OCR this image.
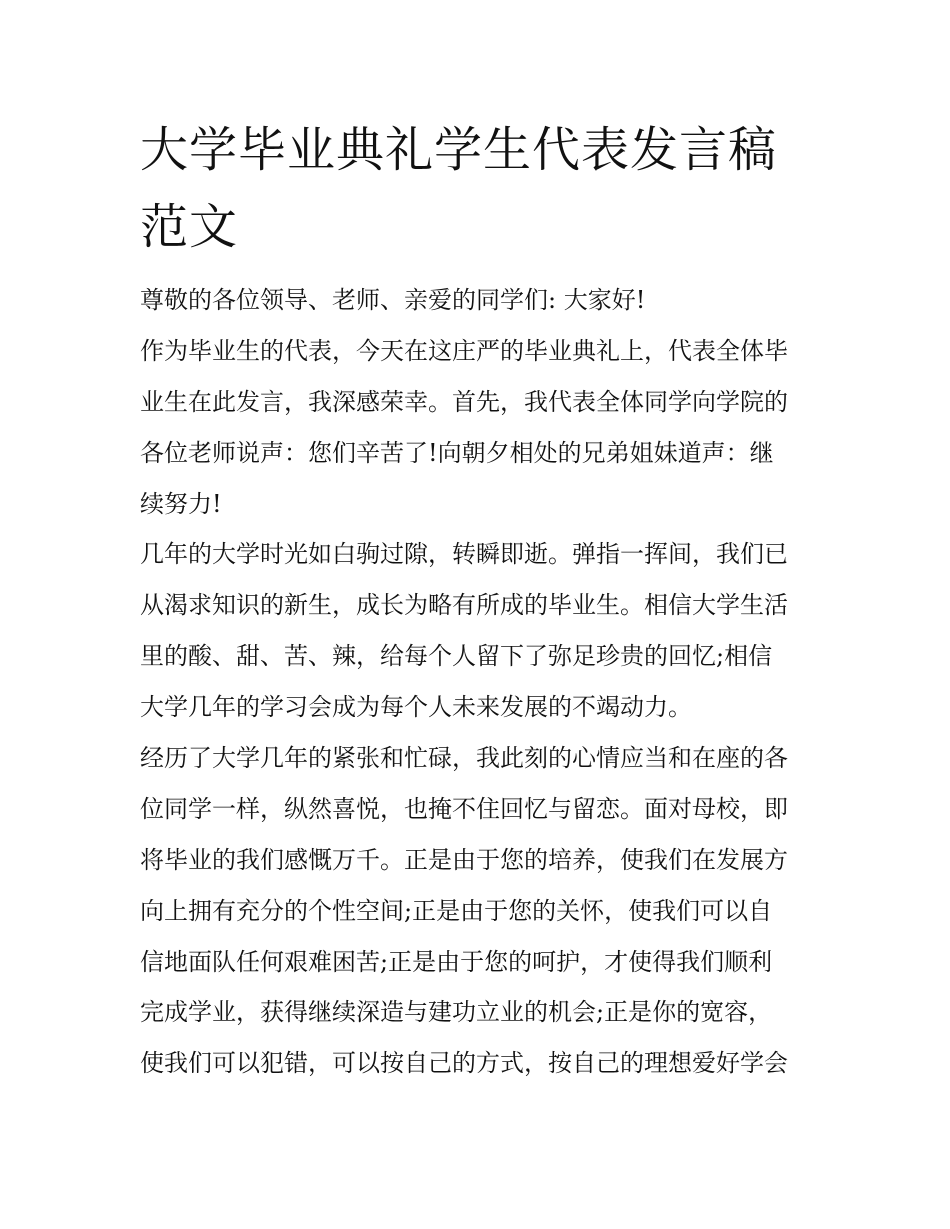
大学毕业典礼学生代表发言稿
范文
尊敬的各位领导、老师、亲爱的同学们: 大家好!
作为毕业生的代表，今天在这庄严的毕业典礼上，代表全体毕
业生在此发言，我深感荣幸。首先，我代表全体同学向学院的
各位老师说声：您们辛苦了!向朝夕相处的兄弟姐妹道声：继
续努力!
几年的大学时光如白驹过隙，转瞬即逝。弹指一挥间，我们已
从渴求知识的新生，成长为略有所成的毕业生。相信大学生活
里的酸、甜、苦、辣，给每个人留下了弥足珍贵的回忆;相信
大学几年的学习会成为每个人未来发展的不竭动力。
经历了大学几年的紧张和忙碌，我此刻的心情应当和在座的各
位同学一样，纵然喜悦，也掩不住回忆与留恋。面对母校，即
将毕业的我们感慨万千。正是由于您的培养，使我们在发展方
向上拥有充分的个性空间;正是由于您的关怀，使我们可以自
信地面队任何艰难困苦;正是由于您的呵护，才使得我们顺利
完成学业，获得继续深造与建功立业的机会;正是你的宽容，
使我们可以犯错，可以按自己的方式，按自己的理想爱好学会
